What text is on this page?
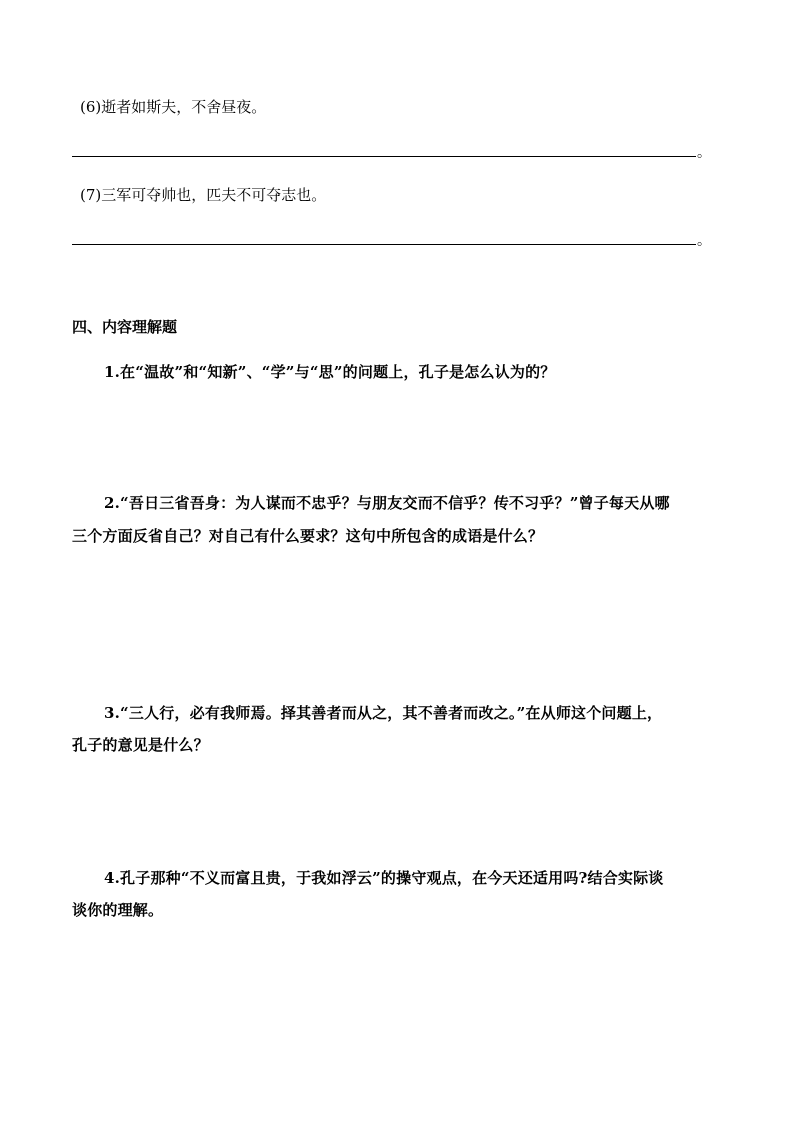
(6)逝者如斯夫，不舍昼夜。
。
(7)三军可夺帅也，匹夫不可夺志也。
。
四、内容理解题
1.在“温故”和“知新”、“学”与“思”的问题上，孔子是怎么认为的？
2.“吾日三省吾身：为人谋而不忠乎？与朋友交而不信乎？传不习乎？”曾子每天从哪
三个方面反省自己？对自己有什么要求？这句中所包含的成语是什么？
3.“三人行，必有我师焉。择其善者而从之，其不善者而改之。”在从师这个问题上，
孔子的意见是什么？
4.孔子那种“不义而富且贵，于我如浮云”的操守观点，在今天还适用吗?结合实际谈
谈你的理解。
